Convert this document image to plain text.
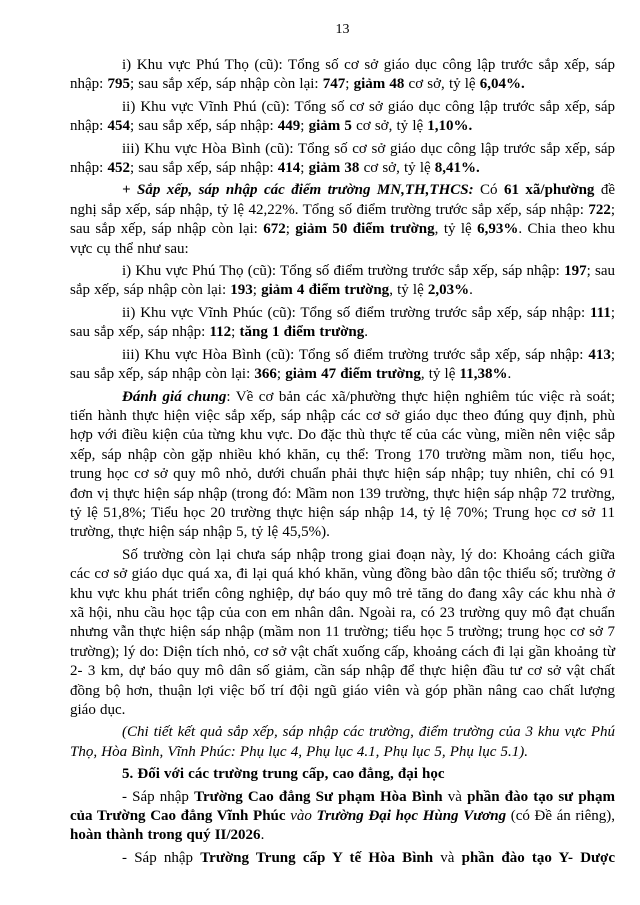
13

i) Khu vực Phú Thọ (cũ): Tổng số cơ sở giáo dục công lập trước sắp xếp, sáp nhập: 795; sau sắp xếp, sáp nhập còn lại: 747; giảm 48 cơ sở, tỷ lệ 6,04%.

ii) Khu vực Vĩnh Phú (cũ): Tổng số cơ sở giáo dục công lập trước sắp xếp, sáp nhập: 454; sau sắp xếp, sáp nhập: 449; giảm 5 cơ sở, tỷ lệ 1,10%.

iii) Khu vực Hòa Bình (cũ): Tổng số cơ sở giáo dục công lập trước sắp xếp, sáp nhập: 452; sau sắp xếp, sáp nhập: 414; giảm 38 cơ sở, tỷ lệ 8,41%.

+ Sắp xếp, sáp nhập các điểm trường MN,TH,THCS: Có 61 xã/phường đề nghị sắp xếp, sáp nhập, tỷ lệ 42,22%. Tổng số điểm trường trước sắp xếp, sáp nhập: 722; sau sắp xếp, sáp nhập còn lại: 672; giảm 50 điểm trường, tỷ lệ 6,93%. Chia theo khu vực cụ thể như sau:

i) Khu vực Phú Thọ (cũ): Tổng số điểm trường trước sắp xếp, sáp nhập: 197; sau sắp xếp, sáp nhập còn lại: 193; giảm 4 điểm trường, tỷ lệ 2,03%.

ii) Khu vực Vĩnh Phúc (cũ): Tổng số điểm trường trước sắp xếp, sáp nhập: 111; sau sắp xếp, sáp nhập: 112; tăng 1 điểm trường.

iii) Khu vực Hòa Bình (cũ): Tổng số điểm trường trước sắp xếp, sáp nhập: 413; sau sắp xếp, sáp nhập còn lại: 366; giảm 47 điểm trường, tỷ lệ 11,38%.

Đánh giá chung: Về cơ bản các xã/phường thực hiện nghiêm túc việc rà soát; tiến hành thực hiện việc sắp xếp, sáp nhập các cơ sở giáo dục theo đúng quy định, phù hợp với điều kiện của từng khu vực. Do đặc thù thực tế của các vùng, miền nên việc sắp xếp, sáp nhập còn gặp nhiều khó khăn, cụ thể: Trong 170 trường mầm non, tiểu học, trung học cơ sở quy mô nhỏ, dưới chuẩn phải thực hiện sáp nhập; tuy nhiên, chỉ có 91 đơn vị thực hiện sáp nhập (trong đó: Mầm non 139 trường, thực hiện sáp nhập 72 trường, tỷ lệ 51,8%; Tiểu học 20 trường thực hiện sáp nhập 14, tỷ lệ 70%; Trung học cơ sở 11 trường, thực hiện sáp nhập 5, tỷ lệ 45,5%).

Số trường còn lại chưa sáp nhập trong giai đoạn này, lý do: Khoảng cách giữa các cơ sở giáo dục quá xa, đi lại quá khó khăn, vùng đồng bào dân tộc thiểu số; trường ở khu vực khu phát triển công nghiệp, dự báo quy mô trẻ tăng do đang xây các khu nhà ở xã hội, nhu cầu học tập của con em nhân dân. Ngoài ra, có 23 trường quy mô đạt chuẩn nhưng vẫn thực hiện sáp nhập (mầm non 11 trường; tiểu học 5 trường; trung học cơ sở 7 trường); lý do: Diện tích nhỏ, cơ sở vật chất xuống cấp, khoảng cách đi lại gần khoảng từ 2- 3 km, dự báo quy mô dân số giảm, cần sáp nhập để thực hiện đầu tư cơ sở vật chất đồng bộ hơn, thuận lợi việc bố trí đội ngũ giáo viên và góp phần nâng cao chất lượng giáo dục.

(Chi tiết kết quả sắp xếp, sáp nhập các trường, điểm trường của 3 khu vực Phú Thọ, Hòa Bình, Vĩnh Phúc: Phụ lục 4, Phụ lục 4.1, Phụ lục 5, Phụ lục 5.1).

5. Đối với các trường trung cấp, cao đẳng, đại học

- Sáp nhập Trường Cao đẳng Sư phạm Hòa Bình và phần đào tạo sư phạm của Trường Cao đẳng Vĩnh Phúc vào Trường Đại học Hùng Vương (có Đề án riêng), hoàn thành trong quý II/2026.

- Sáp nhập Trường Trung cấp Y tế Hòa Bình và phần đào tạo Y- Dược
